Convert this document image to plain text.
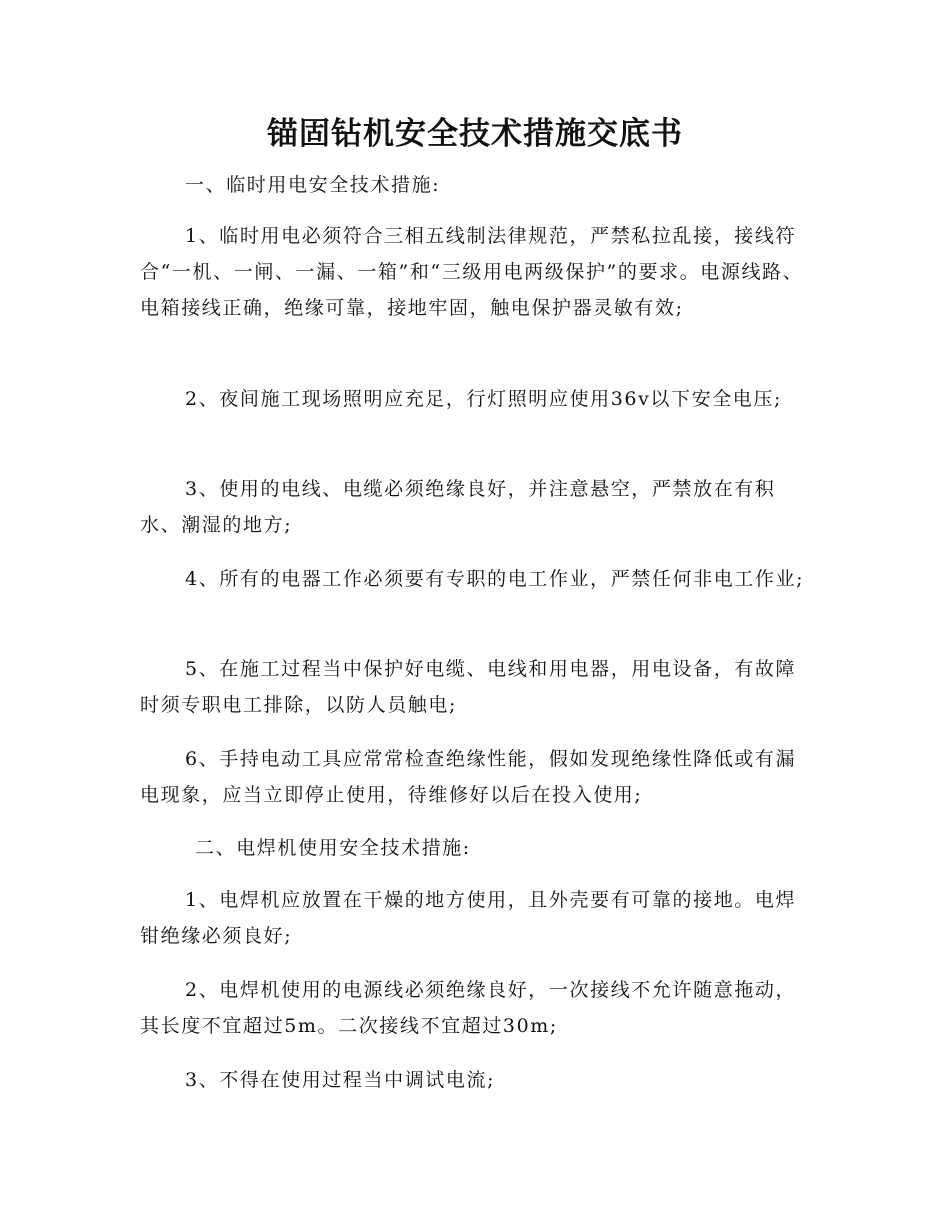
锚固钻机安全技术措施交底书

一、临时用电安全技术措施:

1、临时用电必须符合三相五线制法律规范，严禁私拉乱接，接线符合“一机、一闸、一漏、一箱”和“三级用电两级保护”的要求。电源线路、电箱接线正确，绝缘可靠，接地牢固，触电保护器灵敏有效;

2、夜间施工现场照明应充足，行灯照明应使用36v以下安全电压;

3、使用的电线、电缆必须绝缘良好，并注意悬空，严禁放在有积水、潮湿的地方;

4、所有的电器工作必须要有专职的电工作业，严禁任何非电工作业;

5、在施工过程当中保护好电缆、电线和用电器，用电设备，有故障时须专职电工排除，以防人员触电;

6、手持电动工具应常常检查绝缘性能，假如发现绝缘性降低或有漏电现象，应当立即停止使用，待维修好以后在投入使用;

二、电焊机使用安全技术措施:

1、电焊机应放置在干燥的地方使用，且外壳要有可靠的接地。电焊钳绝缘必须良好;

2、电焊机使用的电源线必须绝缘良好，一次接线不允许随意拖动，其长度不宜超过5m。二次接线不宜超过30m;

3、不得在使用过程当中调试电流;
